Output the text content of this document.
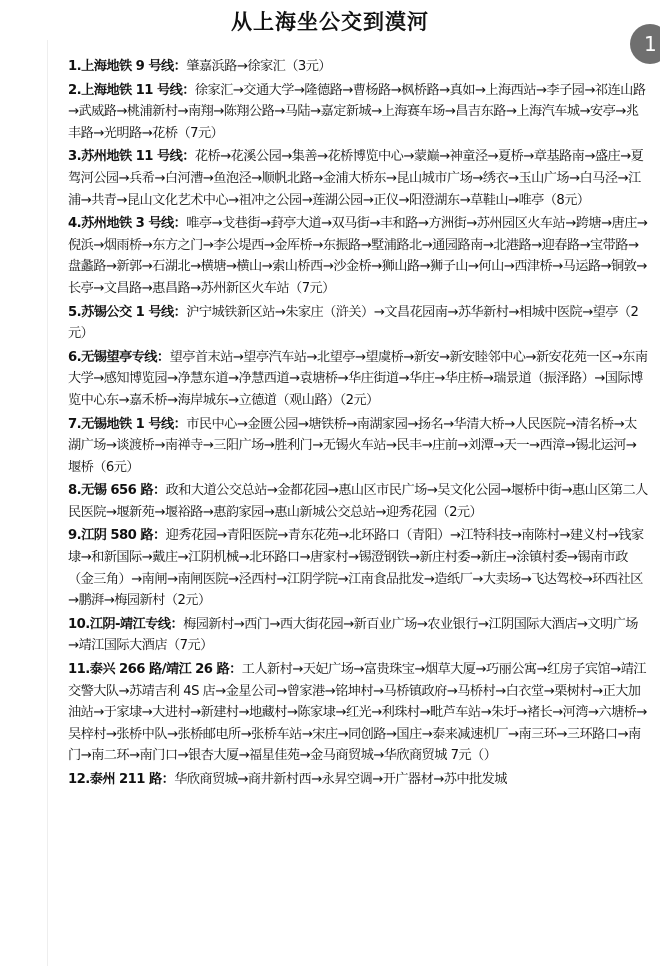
从上海坐公交到漠河
1
1.上海地铁 9 号线：肇嘉浜路→徐家汇（3元）
2.上海地铁 11 号线：徐家汇→交通大学→隆德路→曹杨路→枫桥路→真如→上海西站→李子园→祁连山路→武威路→桃浦新村→南翔→陈翔公路→马陆→嘉定新城→上海赛车场→昌吉东路→上海汽车城→安亭→兆丰路→光明路→花桥（7元）
3.苏州地铁 11 号线：花桥→花溪公园→集善→花桥博览中心→蒙巅→神童泾→夏桥→章基路南→盛庄→夏驾河公园→兵希→白河漕→鱼泡泾→顺帆北路→金浦大桥东→昆山城市广场→绣衣→玉山广场→白马泾→江浦→共青→昆山文化艺术中心→祖冲之公园→莲湖公园→正仪→阳澄湖东→草鞋山→唯亭（8元）
4.苏州地铁 3 号线：唯亭→戈巷街→葑亭大道→双马街→丰和路→方洲街→苏州园区火车站→跨塘→唐庄→倪浜→烟雨桥→东方之门→李公堤西→金厍桥→东振路→墅浦路北→通园路南→北港路→迎春路→宝带路→盘蠡路→新郭→石湖北→横塘→横山→索山桥西→沙金桥→狮山路→狮子山→何山→西津桥→马运路→铜敦→长亭→文昌路→惠昌路→苏州新区火车站（7元）
5.苏锡公交 1 号线：沪宁城铁新区站→朱家庄（浒关）→文昌花园南→苏华新村→相城中医院→望亭（2元）
6.无锡望亭专线：望亭首末站→望亭汽车站→北望亭→望虞桥→新安→新安睦邻中心→新安花苑一区→东南大学→感知博览园→净慧东道→净慧西道→袁塘桥→华庄街道→华庄→华庄桥→瑞景道（振泽路）→国际博览中心东→嘉禾桥→海岸城东→立德道（观山路）（2元）
7.无锡地铁 1 号线：市民中心→金匮公园→塘铁桥→南湖家园→扬名→华清大桥→人民医院→清名桥→太湖广场→谈渡桥→南禅寺→三阳广场→胜利门→无锡火车站→民丰→庄前→刘潭→天一→西漳→锡北运河→堰桥（6元）
8.无锡 656 路：政和大道公交总站→金都花园→惠山区市民广场→吴文化公园→堰桥中街→惠山区第二人民医院→堰新苑→堰裕路→惠韵家园→惠山新城公交总站→迎秀花园（2元）
9.江阴 580 路：迎秀花园→青阳医院→青东花苑→北环路口（青阳）→江特科技→南陈村→建义村→钱家埭→和新国际→戴庄→江阴机械→北环路口→唐家村→锡澄钢铁→新庄村委→新庄→涂镇村委→锡南市政（金三角）→南闸→南闸医院→泾西村→江阴学院→江南食品批发→造纸厂→大卖场→飞达驾校→环西社区→鹏湃→梅园新村（2元）
10.江阴-靖江专线：梅园新村→西门→西大街花园→新百业广场→农业银行→江阴国际大酒店→文明广场→靖江国际大酒店（7元）
11.泰兴 266 路/靖江 26 路：工人新村→天妃广场→富贵珠宝→烟草大厦→巧丽公寓→红房子宾馆→靖江交警大队→苏靖吉利 4S 店→金星公司→曾家港→铭坤村→马桥镇政府→马桥村→白衣堂→栗树村→正大加油站→于家埭→大进村→新建村→地藏村→陈家埭→红光→利珠村→毗芦车站→朱圩→褚长→河湾→六塘桥→吴梓村→张桥中队→张桥邮电所→张桥车站→宋庄→同创路→国庄→泰来减速机厂→南三环→三环路口→南门→南二环→南门口→银杏大厦→福星佳苑→金马商贸城→华欣商贸城 7元（）
12.泰州 211 路：华欣商贸城→商井新村西→永昇空调→开广器材→苏中批发城
